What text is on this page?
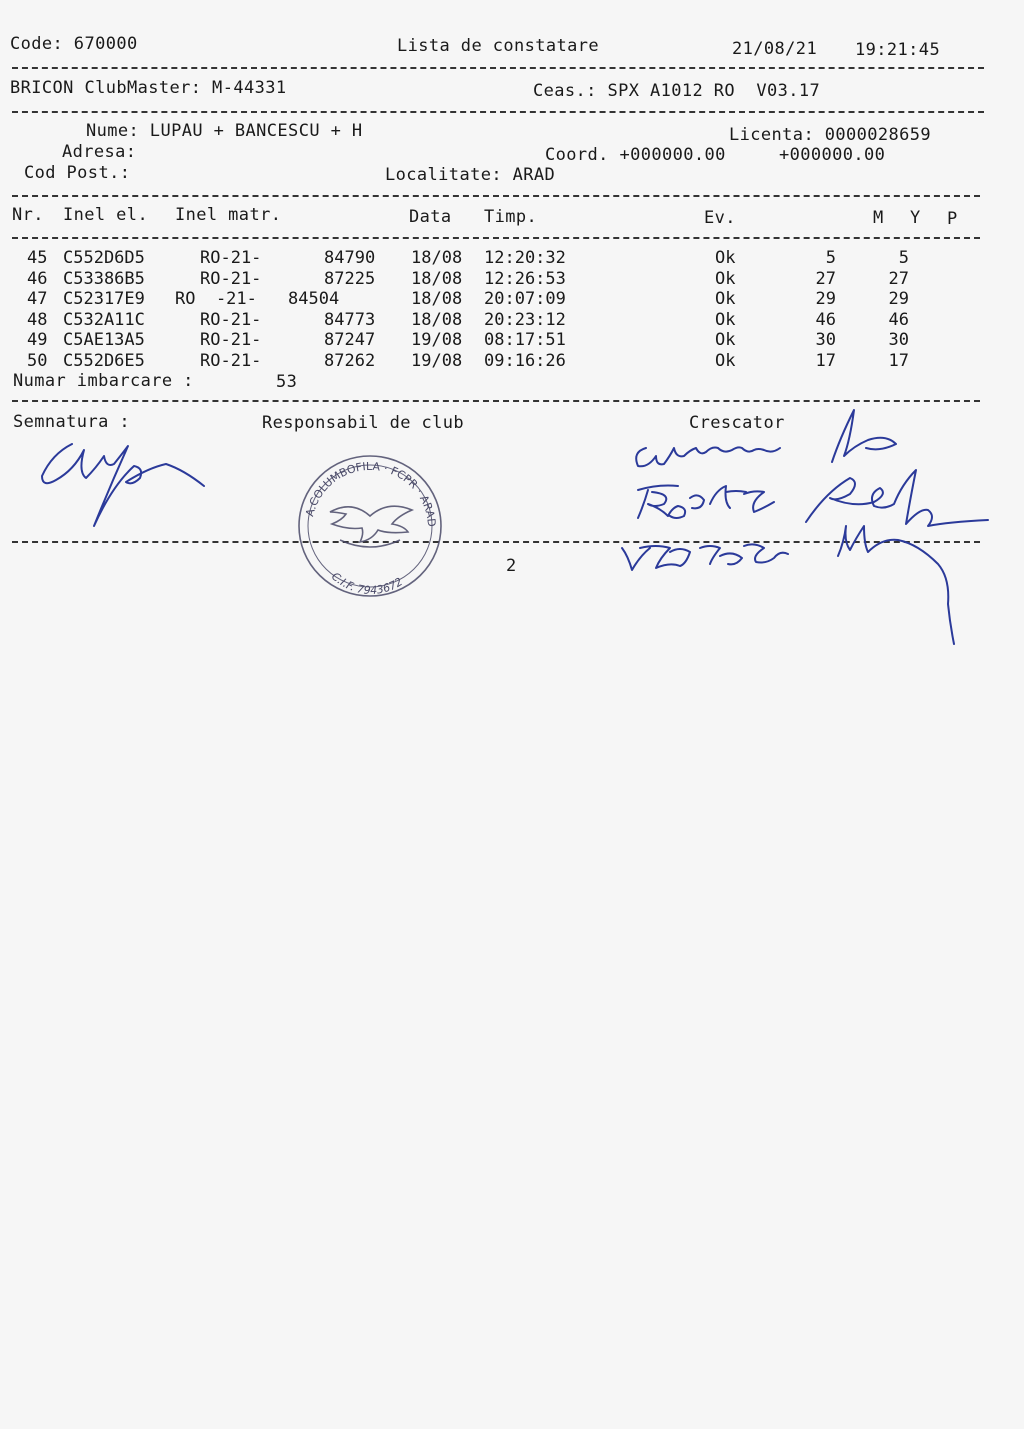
Code: 670000	Lista de constatare	21/08/21 19:21:45
BRICON ClubMaster: M-44331	Ceas.: SPX A1012 RO  V03.17
Nume: LUPAU + BANCESCU + H
Adresa:
Cod Post.:
Licenta: 0000028659
Coord. +000000.00     +000000.00
Localitate: ARAD
Nr. Inel el. Inel matr.	Data Timp.	Ev.	M Y P
45 C552D6D5	RO-21-	84790 18/08 12:20:32	Ok	5	5
46 C53386B5	RO-21-	87225 18/08 12:26:53	Ok	27	27
47 C52317E9 RO  -21- 84504	18/08 20:07:09	Ok	29	29
48 C532A11C	RO-21-	84773 18/08 20:23:12	Ok	46	46
49 C5AE13A5	RO-21-	87247 19/08 08:17:51	Ok	30	30
50 C552D6E5	RO-21-	87262 19/08 09:16:26	Ok	17	17
Numar imbarcare :	53
Semnatura :	Responsabil de club	Crescator
2
A.COLUMBOFILA · FCPR · ARAD
C.I.F. 7943672
